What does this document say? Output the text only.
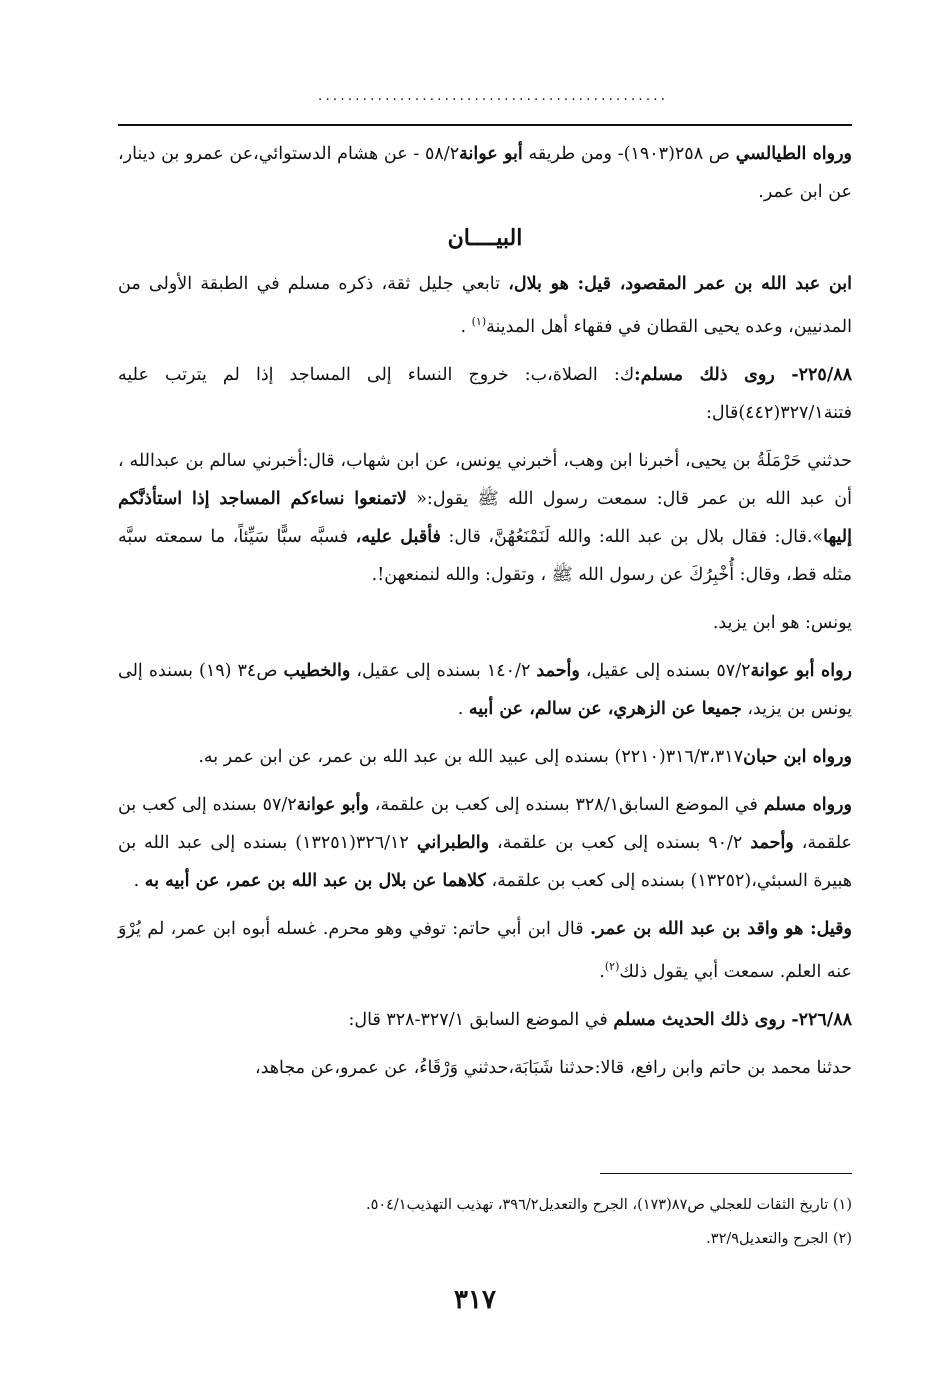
...............................................

ورواه الطيالسي ص ٢٥٨(١٩٠٣)- ومن طريقه أبو عوانة٥٨/٢ - عن هشام الدستوائي،عن عمرو بن دينار، عن ابن عمر.

البيــــان

ابن عبد الله بن عمر المقصود، قيل: هو بلال، تابعي جليل ثقة، ذكره مسلم في الطبقة الأولى من المدنيين، وعده يحيى القطان في فقهاء أهل المدينة$^{(١)}$ .

٢٢٥/٨٨- روى ذلك مسلم:ك: الصلاة،ب: خروج النساء إلى المساجد إذا لم يترتب عليه فتنة٣٢٧/١(٤٤٢)قال:

حدثني حَرْمَلَةُ بن يحيى، أخبرنا ابن وهب، أخبرني يونس، عن ابن شهاب، قال:أخبرني سالم بن عبدالله ، أن عبد الله بن عمر قال: سمعت رسول الله ﷺ يقول:« لاتمنعوا نساءكم المساجد إذا استأذنَّكم إليها».قال: فقال بلال بن عبد الله: والله لَنَمْنَعُهُنَّ، قال: فأقبل عليه، فسبَّه سبًّا سَيِّئاً، ما سمعته سبَّه مثله قط، وقال: أُخْبِرُكَ عن رسول الله ﷺ ، وتقول: والله لنمنعهن!.

يونس: هو ابن يزيد.

رواه أبو عوانة٥٧/٢ بسنده إلى عقيل، وأحمد ١٤٠/٢ بسنده إلى عقيل، والخطيب ص٣٤ (١٩) بسنده إلى يونس بن يزيد، جميعا عن الزهري، عن سالم، عن أبيه .

ورواه ابن حبان٣١٦/٣،٣١٧(٢٢١٠) بسنده إلى عبيد الله بن عبد الله بن عمر، عن ابن عمر به.

ورواه مسلم في الموضع السابق٣٢٨/١ بسنده إلى كعب بن علقمة، وأبو عوانة٥٧/٢ بسنده إلى كعب بن علقمة، وأحمد ٩٠/٢ بسنده إلى كعب بن علقمة، والطبراني ٣٢٦/١٢(١٣٢٥١) بسنده إلى عبد الله بن هبيرة السبئي،(١٣٢٥٢) بسنده إلى كعب بن علقمة، كلاهما عن بلال بن عبد الله بن عمر، عن أبيه به .

وقيل: هو واقد بن عبد الله بن عمر. قال ابن أبي حاتم: توفي وهو محرم. غسله أبوه ابن عمر، لم يُرْوَ عنه العلم. سمعت أبي يقول ذلك$^{(٢)}$.

٢٢٦/٨٨- روى ذلك الحديث مسلم في الموضع السابق ٣٢٧/١-٣٢٨ قال:

حدثنا محمد بن حاتم وابن رافع، قالا:حدثنا شَبَابَة،حدثني وَرْقَاءُ، عن عمرو،عن مجاهد،

(١) تاريخ الثقات للعجلي ص٨٧(١٧٣)، الجرح والتعديل٣٩٦/٢، تهذيب التهذيب٥٠٤/١.
(٢) الجرح والتعديل٣٢/٩.
٣١٧
